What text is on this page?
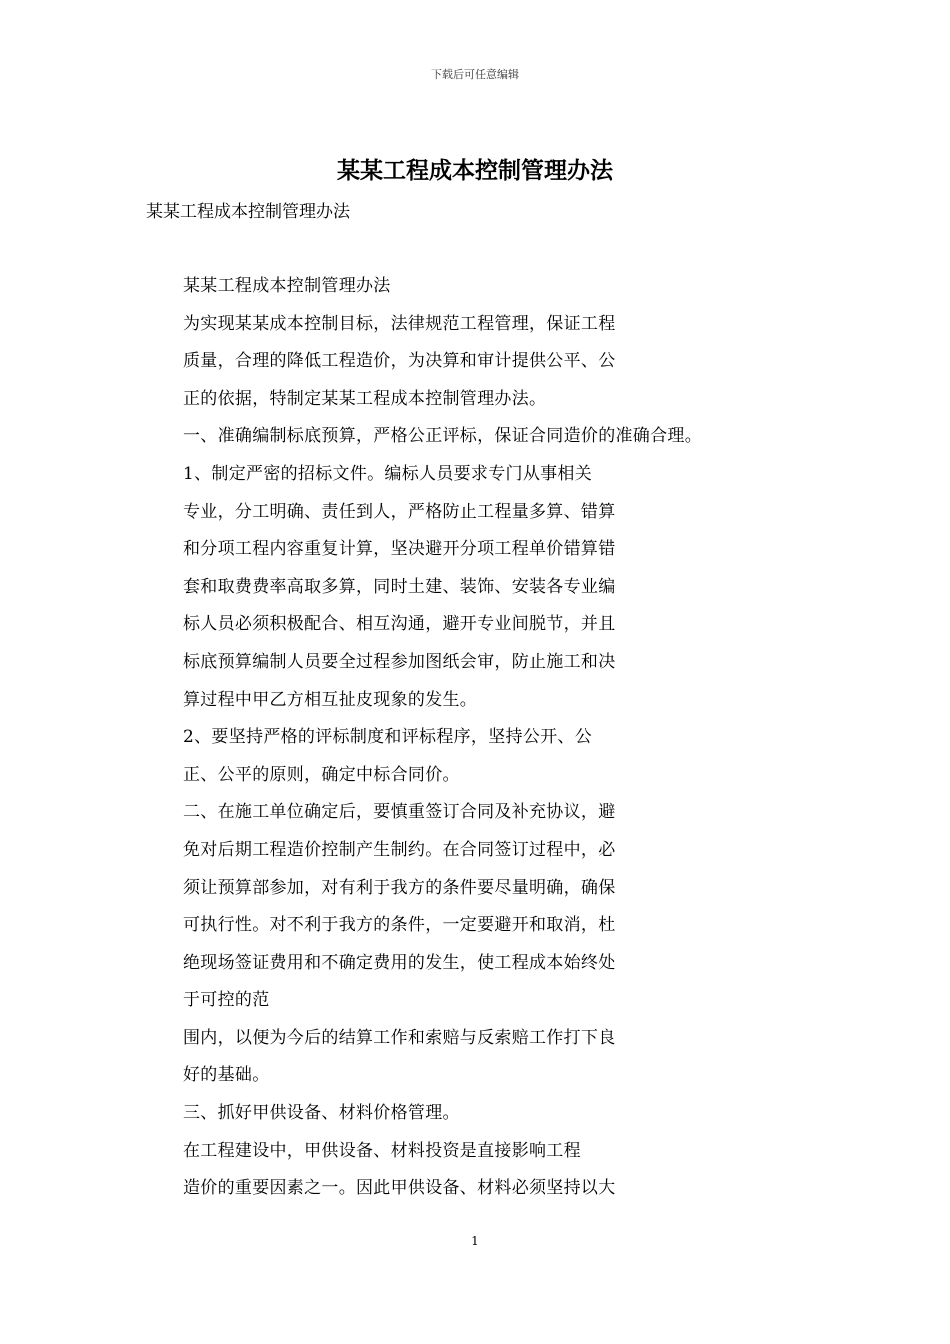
下载后可任意编辑
某某工程成本控制管理办法
某某工程成本控制管理办法
某某工程成本控制管理办法
为实现某某成本控制目标，法律规范工程管理，保证工程
质量，合理的降低工程造价，为决算和审计提供公平、公
正的依据，特制定某某工程成本控制管理办法。
一、准确编制标底预算，严格公正评标，保证合同造价的准确合理。
1、制定严密的招标文件。编标人员要求专门从事相关
专业，分工明确、责任到人，严格防止工程量多算、错算
和分项工程内容重复计算，坚决避开分项工程单价错算错
套和取费费率高取多算，同时土建、装饰、安装各专业编
标人员必须积极配合、相互沟通，避开专业间脱节，并且
标底预算编制人员要全过程参加图纸会审，防止施工和决
算过程中甲乙方相互扯皮现象的发生。
2、要坚持严格的评标制度和评标程序，坚持公开、公
正、公平的原则，确定中标合同价。
二、在施工单位确定后，要慎重签订合同及补充协议，避
免对后期工程造价控制产生制约。在合同签订过程中，必
须让预算部参加，对有利于我方的条件要尽量明确，确保
可执行性。对不利于我方的条件，一定要避开和取消，杜
绝现场签证费用和不确定费用的发生，使工程成本始终处
于可控的范
围内，以便为今后的结算工作和索赔与反索赔工作打下良
好的基础。
三、抓好甲供设备、材料价格管理。
在工程建设中，甲供设备、材料投资是直接影响工程
造价的重要因素之一。因此甲供设备、材料必须坚持以大
1
